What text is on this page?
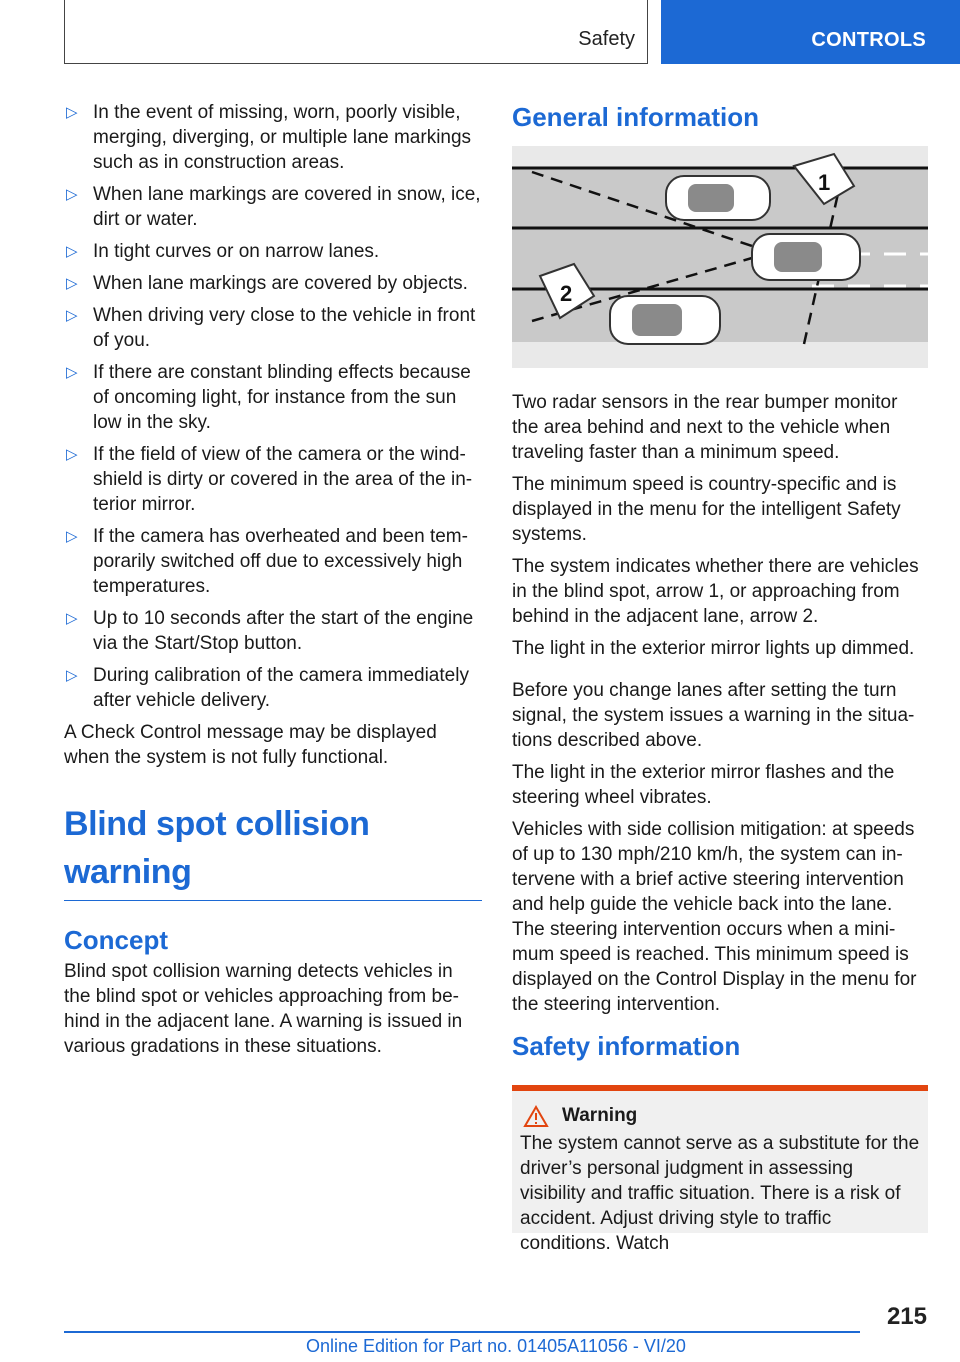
Safety	CONTROLS
▷ In the event of missing, worn, poorly visible, merging, diverging, or multiple lane markings such as in construction areas.
▷ When lane markings are covered in snow, ice, dirt or water.
▷ In tight curves or on narrow lanes.
▷ When lane markings are covered by objects.
▷ When driving very close to the vehicle in front of you.
▷ If there are constant blinding effects because of oncoming light, for instance from the sun low in the sky.
▷ If the field of view of the camera or the wind-shield is dirty or covered in the area of the in-terior mirror.
▷ If the camera has overheated and been tem-porarily switched off due to excessively high temperatures.
▷ Up to 10 seconds after the start of the engine via the Start/Stop button.
▷ During calibration of the camera immediately after vehicle delivery.

A Check Control message may be displayed when the system is not fully functional.

Blind spot collision warning
Concept

Blind spot collision warning detects vehicles in the blind spot or vehicles approaching from be-hind in the adjacent lane. A warning is issued in various gradations in these situations.

General information
1
2

Two radar sensors in the rear bumper monitor the area behind and next to the vehicle when traveling faster than a minimum speed.

The minimum speed is country-specific and is displayed in the menu for the intelligent Safety systems.

The system indicates whether there are vehicles in the blind spot, arrow 1, or approaching from behind in the adjacent lane, arrow 2.

The light in the exterior mirror lights up dimmed.

Before you change lanes after setting the turn signal, the system issues a warning in the situa-tions described above.

The light in the exterior mirror flashes and the steering wheel vibrates.

Vehicles with side collision mitigation: at speeds of up to 130 mph/210 km/h, the system can in-tervene with a brief active steering intervention and help guide the vehicle back into the lane. The steering intervention occurs when a mini-mum speed is reached. This minimum speed is displayed on the Control Display in the menu for the steering intervention.

Safety information
Warning

The system cannot serve as a substitute for the driver’s personal judgment in assessing visibility and traffic situation. There is a risk of accident. Adjust driving style to traffic conditions. Watch

215
Online Edition for Part no. 01405A11056 - VI/20
